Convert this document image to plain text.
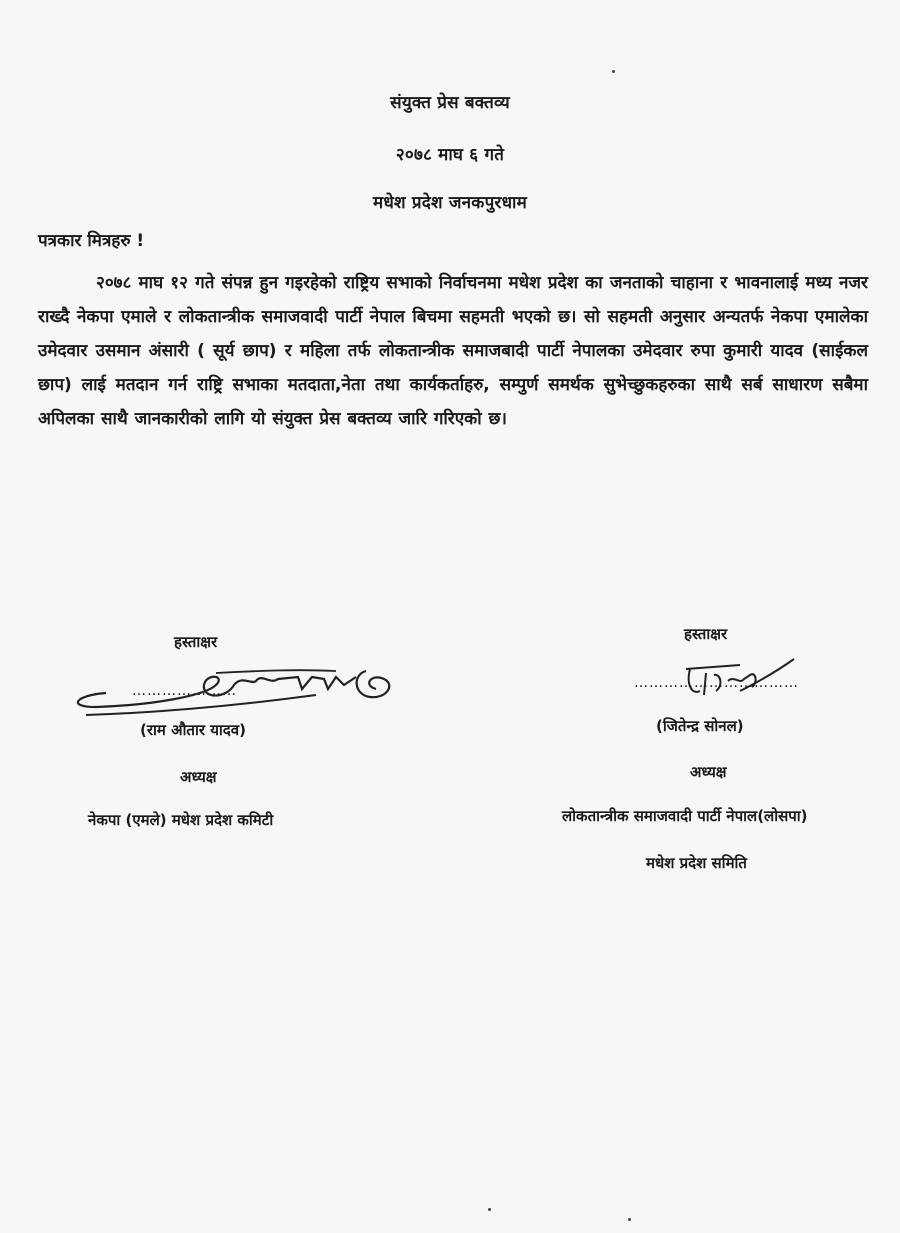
संयुक्त प्रेस बक्तव्य
२०७८ माघ ६ गते
मधेश प्रदेश जनकपुरधाम
पत्रकार मित्रहरु !
२०७८ माघ १२ गते संपन्न हुन गइरहेको राष्ट्रिय सभाको निर्वाचनमा मधेश प्रदेश का जनताको चाहाना र भावनालाई मध्य नजर राख्दै नेकपा एमाले र लोकतान्त्रीक समाजवादी पार्टी नेपाल बिचमा सहमती भएको छ। सो सहमती अनुसार अन्यतर्फ नेकपा एमालेका उमेदवार उसमान अंसारी ( सूर्य छाप) र महिला तर्फ लोकतान्त्रीक समाजबादी पार्टी नेपालका उमेदवार रुपा कुमारी यादव (साईकल छाप) लाई मतदान गर्न राष्ट्रि सभाका मतदाता,नेता तथा कार्यकर्ताहरु, सम्पुर्ण समर्थक सुभेच्छुकहरुका साथै सर्ब साधारण सबैमा अपिलका साथै जानकारीको लागि यो संयुक्त प्रेस बक्तव्य जारि गरिएको छ।
हस्ताक्षर
…………………
(राम औतार यादव)
अध्यक्ष
नेकपा (एमले) मधेश प्रदेश कमिटी
हस्ताक्षर
……………………………
(जितेन्द्र सोनल)
अध्यक्ष
लोकतान्त्रीक समाजवादी पार्टी नेपाल(लोसपा)
मधेश प्रदेश समिति
